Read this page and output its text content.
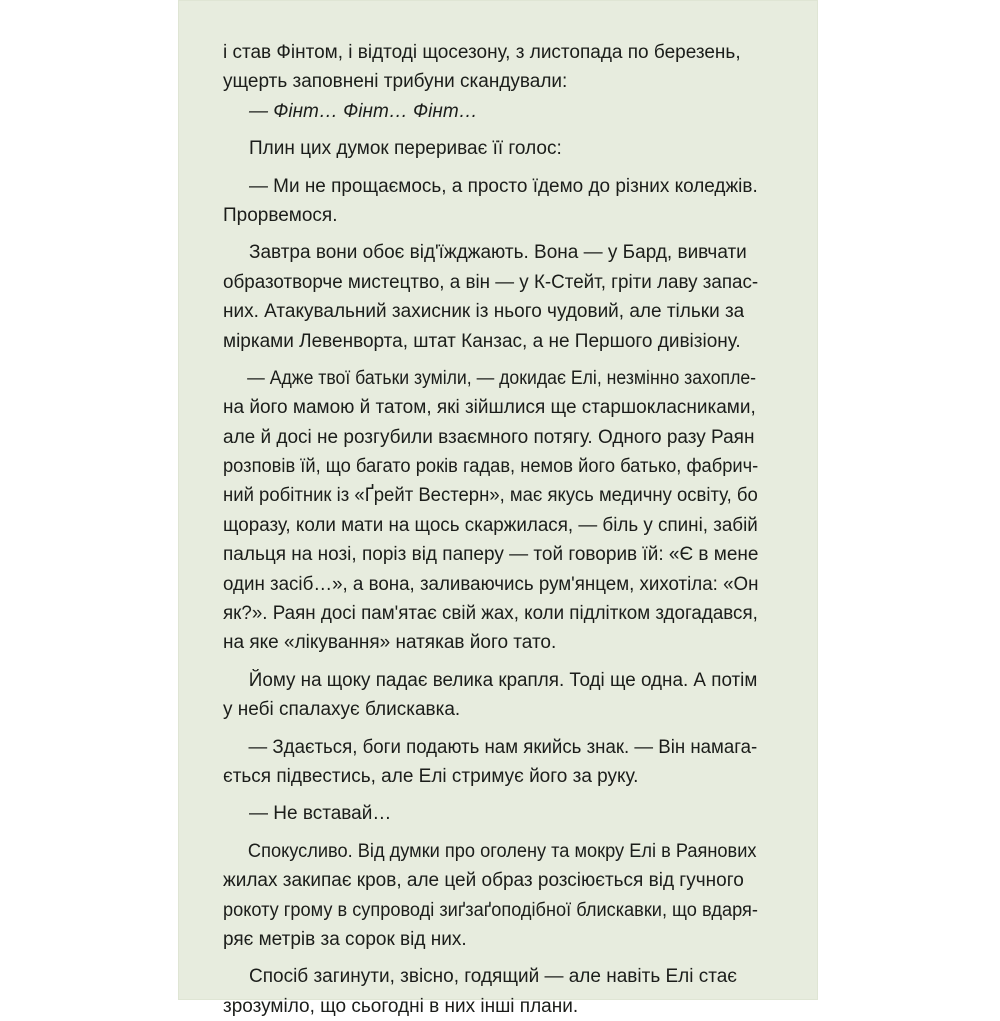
і став Фінтом, і відтоді щосезону, з листопада по березень,
ущерть заповнені трибуни скандували:
— Фінт… Фінт… Фінт…
Плин цих думок перериває її голос:
— Ми не прощаємось, а просто їдемо до різних коледжів.
Прорвемося.
Завтра вони обоє від'їжджають. Вона — у Бард, вивчати
образотворче мистецтво, а він — у К-Стейт, гріти лаву запас-
них. Атакувальний захисник із нього чудовий, але тільки за
мірками Левенворта, штат Канзас, а не Першого дивізіону.
— Адже твої батьки зуміли, — докидає Елі, незмінно захопле-
на його мамою й татом, які зійшлися ще старшокласниками,
але й досі не розгубили взаємного потягу. Одного разу Раян
розповів їй, що багато років гадав, немов його батько, фабрич-
ний робітник із «Ґрейт Вестерн», має якусь медичну освіту, бо
щоразу, коли мати на щось скаржилася, — біль у спині, забій
пальця на нозі, поріз від паперу — той говорив їй: «Є в мене
один засіб…», а вона, заливаючись рум'янцем, хихотіла: «Он
як?». Раян досі пам'ятає свій жах, коли підлітком здогадався,
на яке «лікування» натякав його тато.
Йому на щоку падає велика крапля. Тоді ще одна. А потім
у небі спалахує блискавка.
— Здається, боги подають нам якийсь знак. — Він намага-
ється підвестись, але Елі стримує його за руку.
— Не вставай…
Спокусливо. Від думки про оголену та мокру Елі в Раянових
жилах закипає кров, але цей образ розсіюється від гучного
рокоту грому в супроводі зиґзаґоподібної блискавки, що вдаря-
ряє метрів за сорок від них.
Спосіб загинути, звісно, годящий — але навіть Елі стає
зрозуміло, що сьогодні в них інші плани.
